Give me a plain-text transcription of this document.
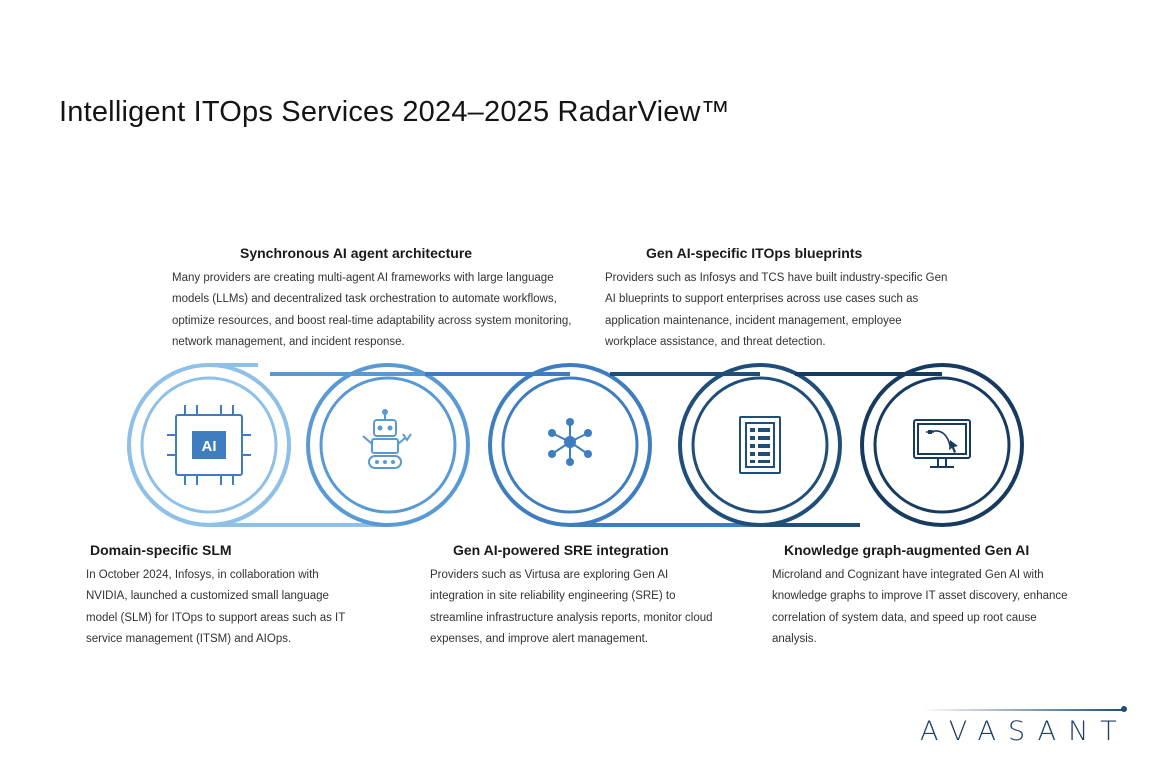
Intelligent ITOps Services 2024–2025 RadarView™
Synchronous AI agent architecture

Many providers are creating multi-agent AI frameworks with large language models (LLMs) and decentralized task orchestration to automate workflows, optimize resources, and boost real-time adaptability across system monitoring, network management, and incident response.

Gen AI-specific ITOps blueprints

Providers such as Infosys and TCS have built industry-specific Gen AI blueprints to support enterprises across use cases such as application maintenance, incident management, employee workplace assistance, and threat detection.

Domain-specific SLM

In October 2024, Infosys, in collaboration with NVIDIA, launched a customized small language model (SLM) for ITOps to support areas such as IT service management (ITSM) and AIOps.

Gen AI-powered SRE integration

Providers such as Virtusa are exploring Gen AI integration in site reliability engineering (SRE) to streamline infrastructure analysis reports, monitor cloud expenses, and improve alert management.

Knowledge graph-augmented Gen AI

Microland and Cognizant have integrated Gen AI with knowledge graphs to improve IT asset discovery, enhance correlation of system data, and speed up root cause analysis.

AI
AVASANT
